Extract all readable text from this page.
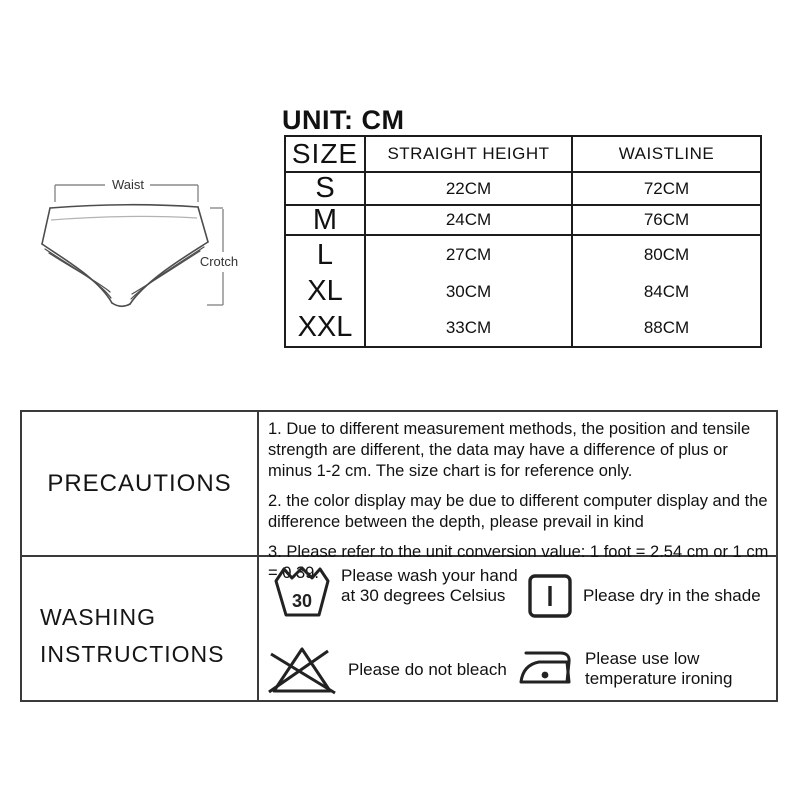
UNIT: CM
SIZE	STRAIGHT HEIGHT	WAISTLINE
S	22CM	72CM
M	24CM	76CM
L	27CM	80CM
XL	30CM	84CM
XXL	33CM	88CM
Waist
Crotch
PRECAUTIONS

1. Due to different measurement methods, the position and tensile strength are different, the data may have a difference of plus or minus 1-2 cm. The size chart is for reference only.

2. the color display may be due to different computer display and the difference between the depth, please prevail in kind

3. Please refer to the unit conversion value: 1 foot = 2.54 cm or 1 cm = 0.39.

WASHING
INSTRUCTIONS
30
Please wash your hand
at 30 degrees Celsius	Please dry in the shade
Please do not bleach
Please use low
temperature ironing
